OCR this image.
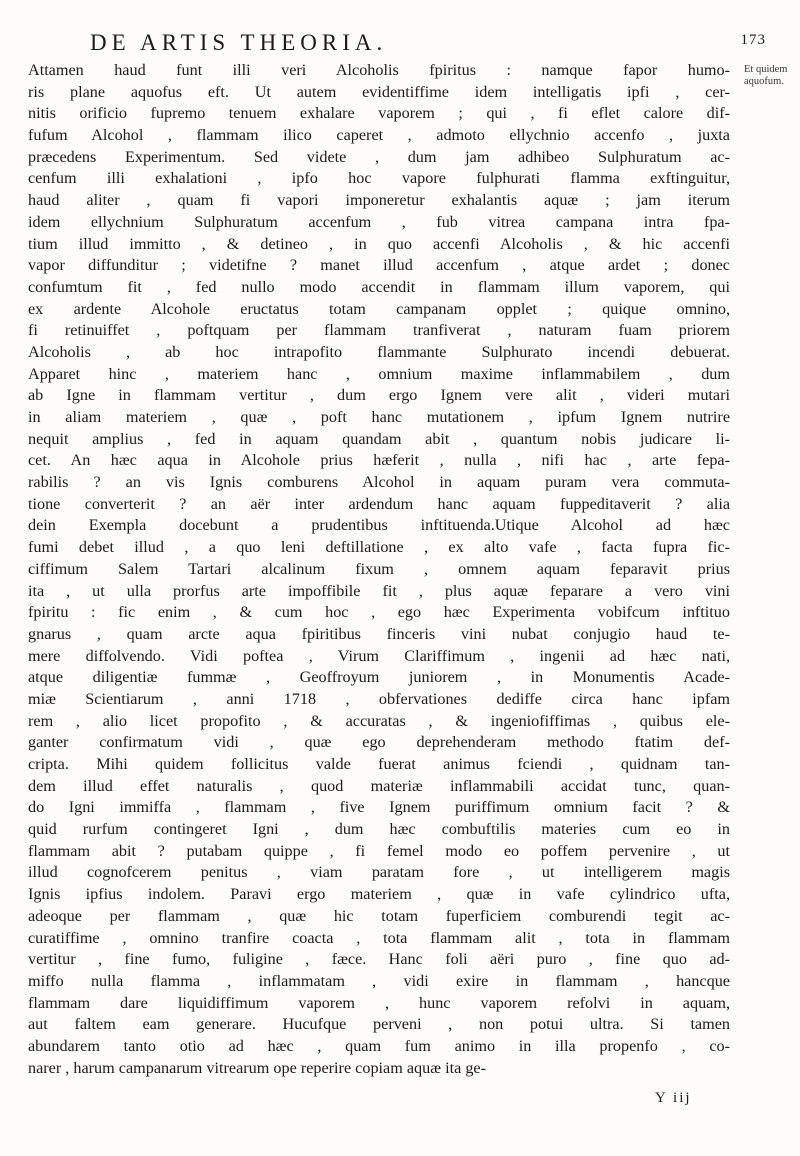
DE ARTIS THEORIA.	173
Et quidem
aquofum.
Attamen haud funt illi veri Alcoholis fpiritus : namque fapor humo-
ris plane aquofus eft. Ut autem evidentiffime idem intelligatis ipfi , cer-
nitis orificio fupremo tenuem exhalare vaporem ; qui , fi eflet calore dif-
fufum Alcohol , flammam ilico caperet , admoto ellychnio accenfo , juxta
præcedens Experimentum. Sed videte , dum jam adhibeo Sulphuratum ac-
cenfum illi exhalationi , ipfo hoc vapore fulphurati flamma exftinguitur,
haud aliter , quam fi vapori imponeretur exhalantis aquæ ; jam iterum
idem ellychnium Sulphuratum accenfum , fub vitrea campana intra fpa-
tium illud immitto , & detineo , in quo accenfi Alcoholis , & hic accenfi
vapor diffunditur ; videtifne ? manet illud accenfum , atque ardet ; donec
confumtum fit , fed nullo modo accendit in flammam illum vaporem, qui
ex ardente Alcohole eructatus totam campanam opplet ; quique omnino,
fi retinuiffet , poftquam per flammam tranfiverat , naturam fuam priorem
Alcoholis , ab hoc intrapofito flammante Sulphurato incendi debuerat.
Apparet hinc , materiem hanc , omnium maxime inflammabilem , dum
ab Igne in flammam vertitur , dum ergo Ignem vere alit , videri mutari
in aliam materiem , quæ , poft hanc mutationem , ipfum Ignem nutrire
nequit amplius , fed in aquam quandam abit , quantum nobis judicare li-
cet. An hæc aqua in Alcohole prius hæferit , nulla , nifi hac , arte fepa-
rabilis ? an vis Ignis comburens Alcohol in aquam puram vera commuta-
tione converterit ? an aër inter ardendum hanc aquam fuppeditaverit ? alia
dein Exempla docebunt a prudentibus inftituenda.Utique Alcohol ad hæc
fumi debet illud , a quo leni deftillatione , ex alto vafe , facta fupra fic-
ciffimum Salem Tartari alcalinum fixum , omnem aquam feparavit prius
ita , ut ulla prorfus arte impoffibile fit , plus aquæ feparare a vero vini
fpiritu : fic enim , & cum hoc , ego hæc Experimenta vobifcum inftituo
gnarus , quam arcte aqua fpiritibus finceris vini nubat conjugio haud te-
mere diffolvendo. Vidi poftea , Virum Clariffimum , ingenii ad hæc nati,
atque diligentiæ fummæ , Geoffroyum juniorem , in Monumentis Acade-
miæ Scientiarum , anni 1718 , obfervationes dediffe circa hanc ipfam
rem , alio licet propofito , & accuratas , & ingeniofiffimas , quibus ele-
ganter confirmatum vidi , quæ ego deprehenderam methodo ftatim def-
cripta. Mihi quidem follicitus valde fuerat animus fciendi , quidnam tan-
dem illud effet naturalis , quod materiæ inflammabili accidat tunc, quan-
do Igni immiffa , flammam , five Ignem puriffimum omnium facit ? &
quid rurfum contingeret Igni , dum hæc combuftilis materies cum eo in
flammam abit ? putabam quippe , fi femel modo eo poffem pervenire , ut
illud cognofcerem penitus , viam paratam fore , ut intelligerem magis
Ignis ipfius indolem. Paravi ergo materiem , quæ in vafe cylindrico ufta,
adeoque per flammam , quæ hic totam fuperficiem comburendi tegit ac-
curatiffime , omnino tranfire coacta , tota flammam alit , tota in flammam
vertitur , fine fumo, fuligine , fæce. Hanc foli aëri puro , fine quo ad-
miffo nulla flamma , inflammatam , vidi exire in flammam , hancque
flammam dare liquidiffimum vaporem , hunc vaporem refolvi in aquam,
aut faltem eam generare. Hucufque perveni , non potui ultra. Si tamen
abundarem tanto otio ad hæc , quam fum animo in illa propenfo , co-
narer , harum campanarum vitrearum ope reperire copiam aquæ ita ge-
Y iij
